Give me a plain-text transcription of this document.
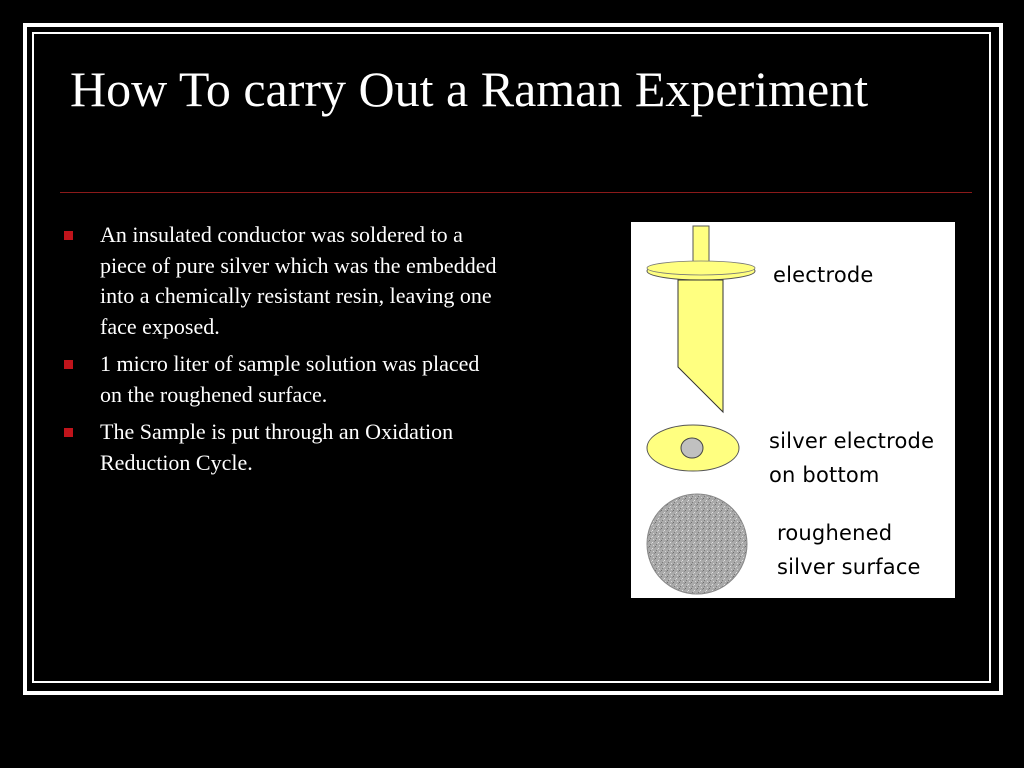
How To carry Out a Raman Experiment
An insulated conductor was soldered to a piece of pure silver which was the embedded into a chemically resistant resin, leaving one face exposed.
1 micro liter of sample solution was placed on the roughened surface.
The Sample is put through an Oxidation Reduction Cycle.
electrode
silver electrode
on bottom
roughened
silver surface
